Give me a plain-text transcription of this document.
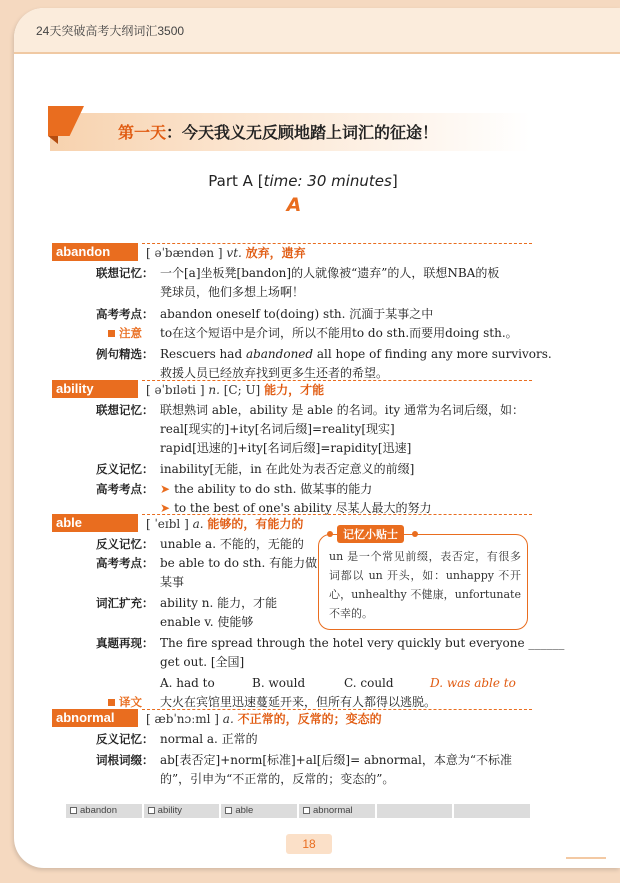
24天突破高考大纲词汇3500
第一天：今天我义无反顾地踏上词汇的征途！
Part A [time: 30 minutes]
A
abandon	[ əˈbændən ] vt. 放弃，遗弃
联想记忆： 一个[a]坐板凳[bandon]的人就像被“遗弃”的人，联想NBA的板
凳球员，他们多想上场啊！
高考考点： abandon oneself to(doing) sth. 沉湎于某事之中
注意	to在这个短语中是介词，所以不能用to do sth.而要用doing sth.。
例句精选： Rescuers had abandoned all hope of finding any more survivors.
救援人员已经放弃找到更多生还者的希望。
ability	[ əˈbɪləti ] n. [C; U] 能力，才能
联想记忆： 联想熟词 able，ability 是 able 的名词。ity 通常为名词后缀，如：
real[现实的]+ity[名词后缀]=reality[现实]
rapid[迅速的]+ity[名词后缀]=rapidity[迅速]
反义记忆： inability[无能，in 在此处为表否定意义的前缀]
高考考点： ➤ the ability to do sth. 做某事的能力
➤ to the best of one's ability 尽某人最大的努力
able	[ ˈeɪbl ] a. 能够的，有能力的
反义记忆： unable a. 不能的，无能的
高考考点： be able to do sth. 有能力做
某事
词汇扩充： ability n. 能力，才能
enable v. 使能够
真题再现： The fire spread through the hotel very quickly but everyone ______
get out. [全国]
A. had to	B. would	C. could	D. was able to
译文	大火在宾馆里迅速蔓延开来，但所有人都得以逃脱。
记忆小贴士
un 是一个常见前缀，表否定，有很多词都以 un 开头，如：unhappy 不开心，unhealthy 不健康，unfortunate 不幸的。
abnormal	[ æbˈnɔːml ] a. 不正常的，反常的；变态的
反义记忆： normal a. 正常的
词根词缀： ab[表否定]+norm[标准]+al[后缀]= abnormal，本意为“不标准
的”，引申为“不正常的，反常的；变态的”。
abandon	ability	able	abnormal
18
